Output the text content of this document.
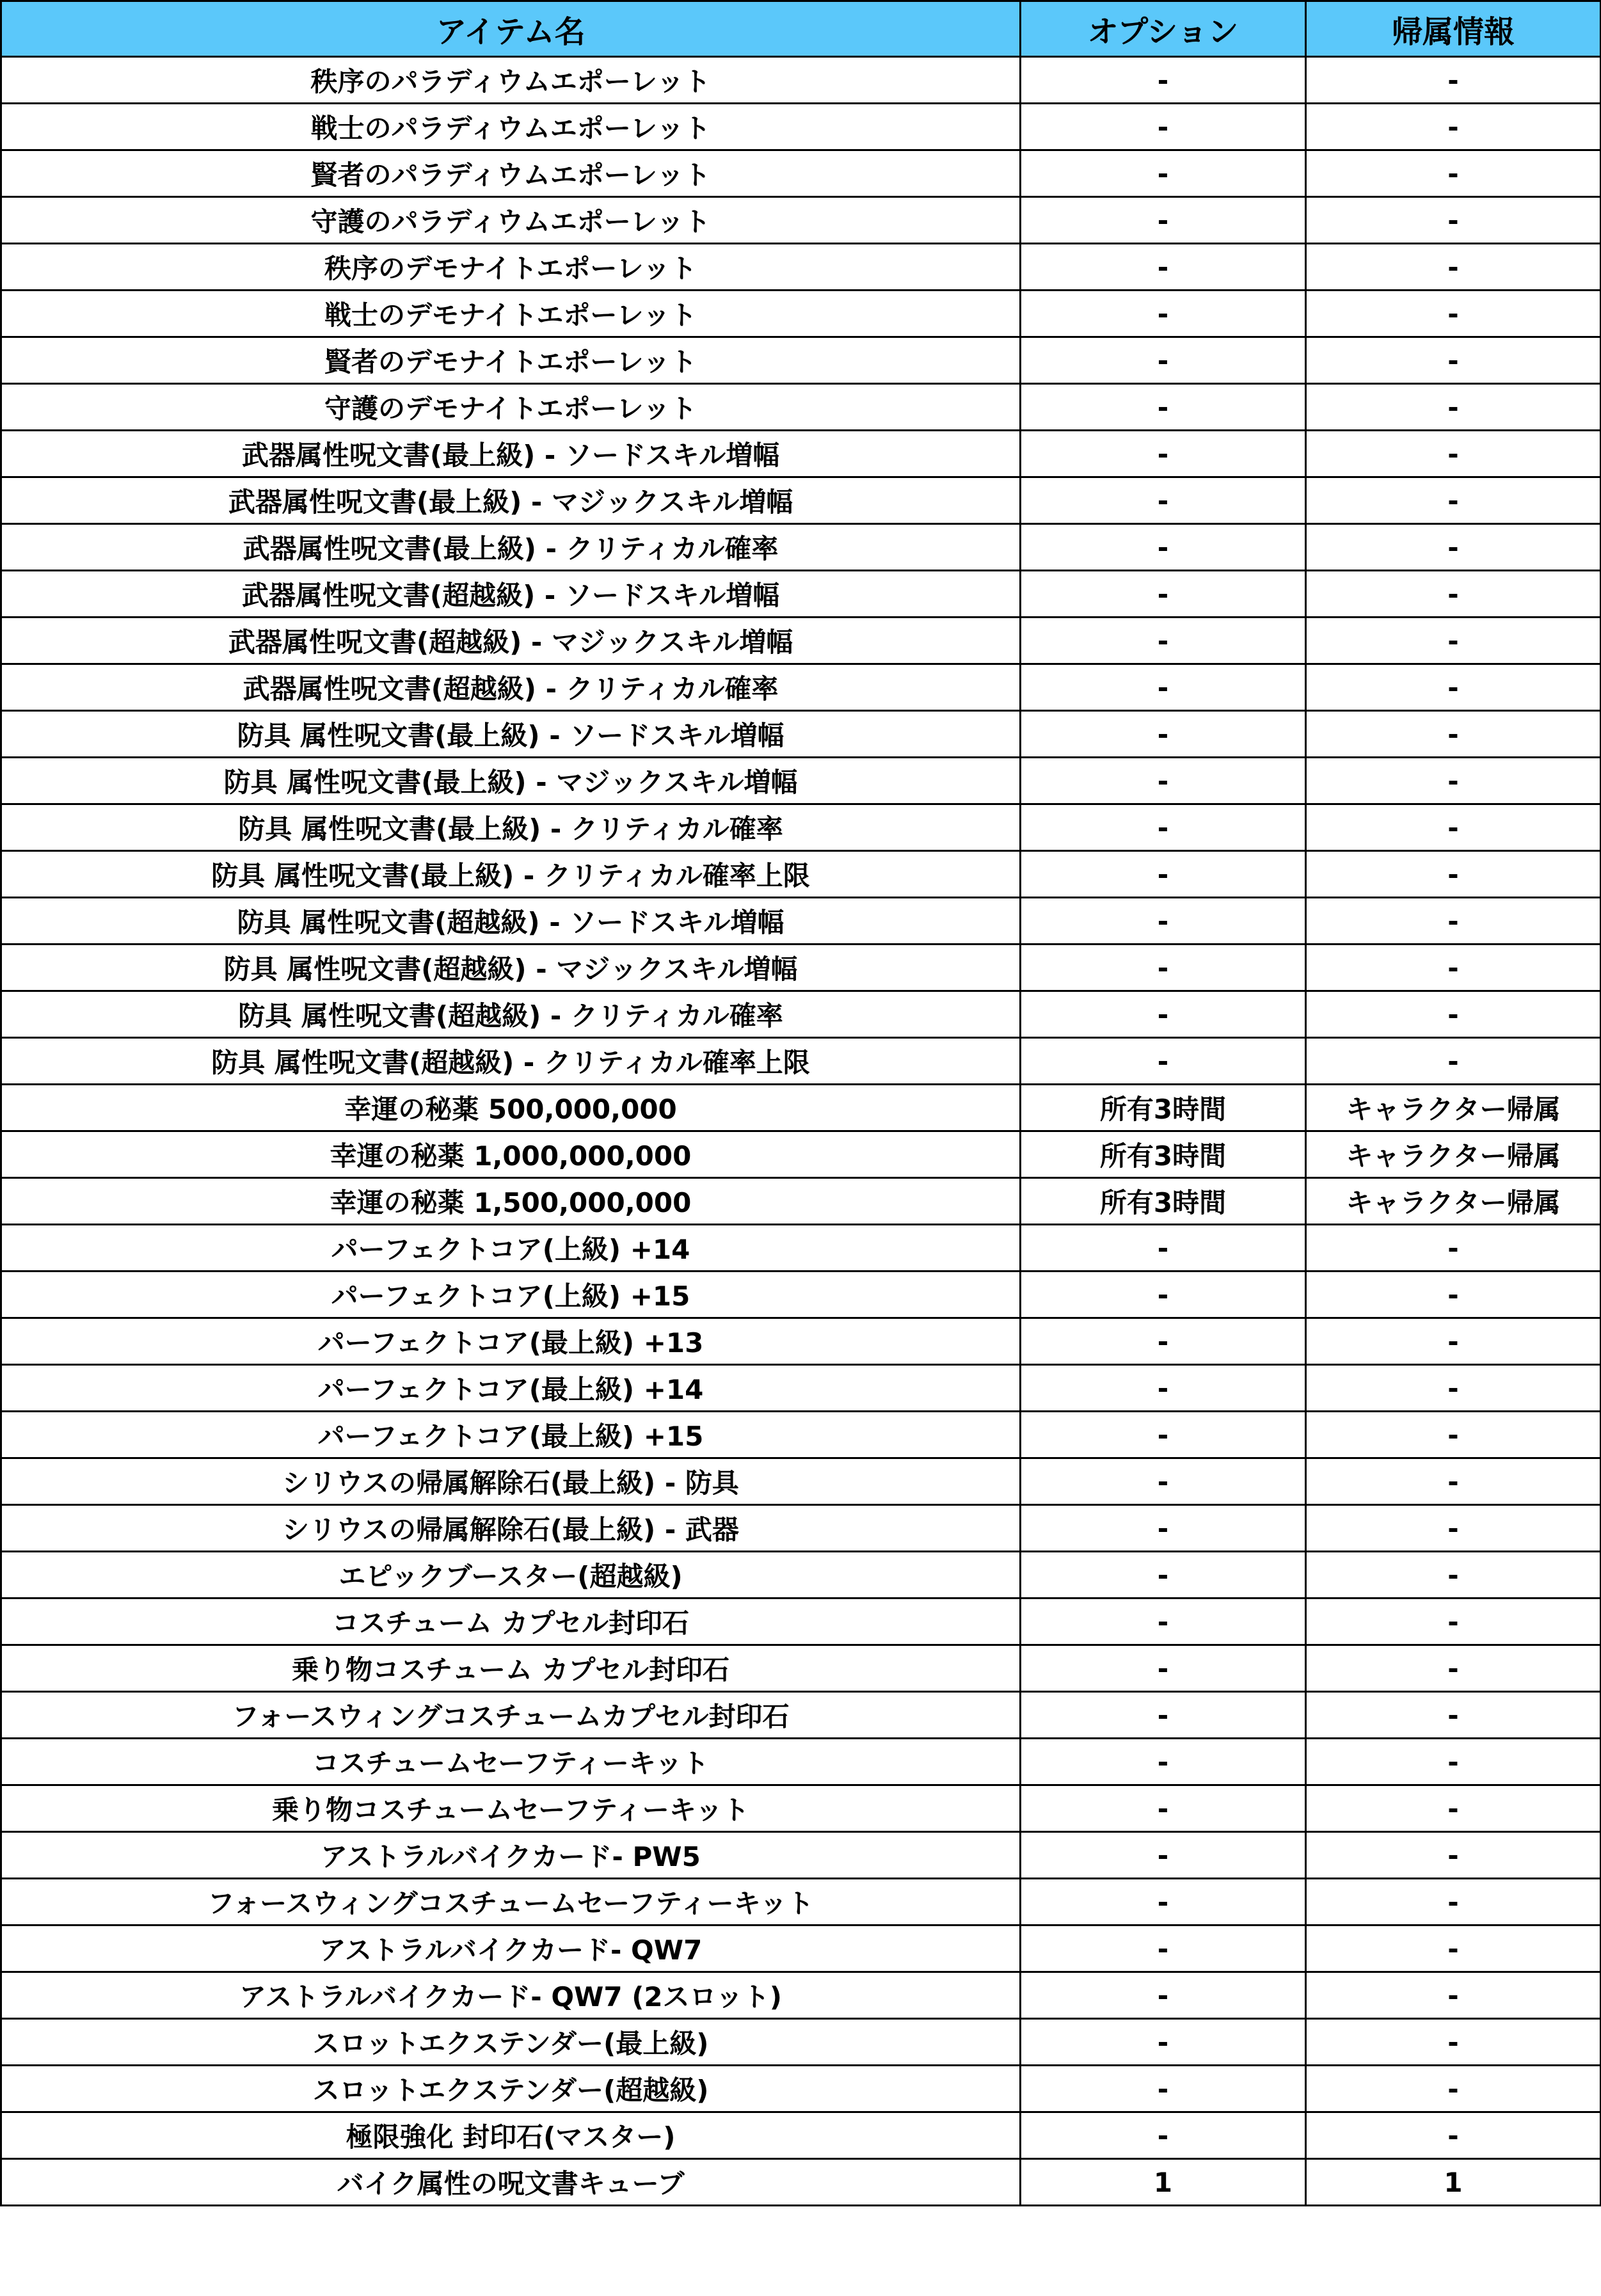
アイテム名	オプション	帰属情報
秩序のパラディウムエポーレット	-	-
戦士のパラディウムエポーレット	-	-
賢者のパラディウムエポーレット	-	-
守護のパラディウムエポーレット	-	-
秩序のデモナイトエポーレット	-	-
戦士のデモナイトエポーレット	-	-
賢者のデモナイトエポーレット	-	-
守護のデモナイトエポーレット	-	-
武器属性呪文書(最上級) - ソードスキル増幅	-	-
武器属性呪文書(最上級) - マジックスキル増幅	-	-
武器属性呪文書(最上級) - クリティカル確率	-	-
武器属性呪文書(超越級) - ソードスキル増幅	-	-
武器属性呪文書(超越級) - マジックスキル増幅	-	-
武器属性呪文書(超越級) - クリティカル確率	-	-
防具 属性呪文書(最上級) - ソードスキル増幅	-	-
防具 属性呪文書(最上級) - マジックスキル増幅	-	-
防具 属性呪文書(最上級) - クリティカル確率	-	-
防具 属性呪文書(最上級) - クリティカル確率上限	-	-
防具 属性呪文書(超越級) - ソードスキル増幅	-	-
防具 属性呪文書(超越級) - マジックスキル増幅	-	-
防具 属性呪文書(超越級) - クリティカル確率	-	-
防具 属性呪文書(超越級) - クリティカル確率上限	-	-
幸運の秘薬 500,000,000	所有3時間	キャラクター帰属
幸運の秘薬 1,000,000,000	所有3時間	キャラクター帰属
幸運の秘薬 1,500,000,000	所有3時間	キャラクター帰属
パーフェクトコア(上級) +14	-	-
パーフェクトコア(上級) +15	-	-
パーフェクトコア(最上級) +13	-	-
パーフェクトコア(最上級) +14	-	-
パーフェクトコア(最上級) +15	-	-
シリウスの帰属解除石(最上級) - 防具	-	-
シリウスの帰属解除石(最上級) - 武器	-	-
エピックブースター(超越級)	-	-
コスチューム カプセル封印石	-	-
乗り物コスチューム カプセル封印石	-	-
フォースウィングコスチュームカプセル封印石	-	-
コスチュームセーフティーキット	-	-
乗り物コスチュームセーフティーキット	-	-
アストラルバイクカード- PW5	-	-
フォースウィングコスチュームセーフティーキット	-	-
アストラルバイクカード- QW7	-	-
アストラルバイクカード- QW7 (2スロット)	-	-
スロットエクステンダー(最上級)	-	-
スロットエクステンダー(超越級)	-	-
極限強化 封印石(マスター)	-	-
バイク属性の呪文書キューブ	1	1
